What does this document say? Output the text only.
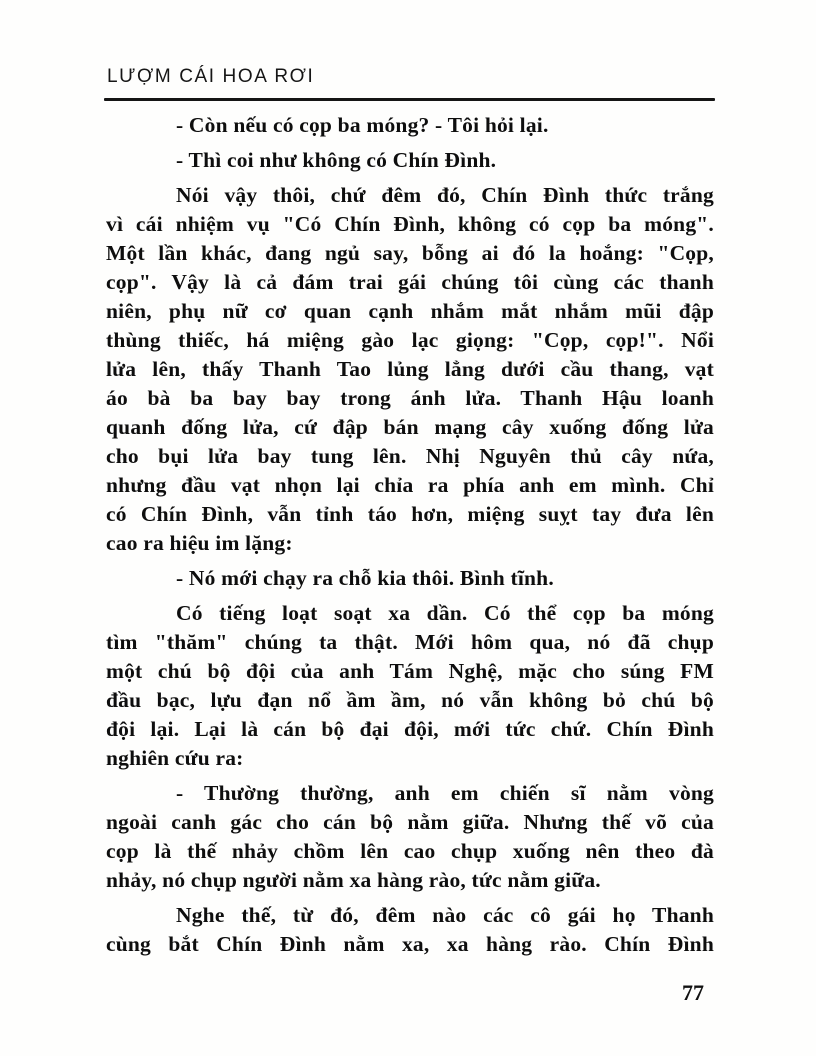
LƯỢM CÁI HOA RƠI
- Còn nếu có cọp ba móng? - Tôi hỏi lại.
- Thì coi như không có Chín Đình.
Nói vậy thôi, chứ đêm đó, Chín Đình thức trắng
vì cái nhiệm vụ "Có Chín Đình, không có cọp ba móng".
Một lần khác, đang ngủ say, bỗng ai đó la hoắng: "Cọp,
cọp". Vậy là cả đám trai gái chúng tôi cùng các thanh
niên, phụ nữ cơ quan cạnh nhắm mắt nhắm mũi đập
thùng thiếc, há miệng gào lạc giọng: "Cọp, cọp!". Nổi
lửa lên, thấy Thanh Tao lủng lẳng dưới cầu thang, vạt
áo bà ba bay bay trong ánh lửa. Thanh Hậu loanh
quanh đống lửa, cứ đập bán mạng cây xuống đống lửa
cho bụi lửa bay tung lên. Nhị Nguyên thủ cây nứa,
nhưng đầu vạt nhọn lại chỉa ra phía anh em mình. Chỉ
có Chín Đình, vẫn tỉnh táo hơn, miệng suỵt tay đưa lên
cao ra hiệu im lặng:
- Nó mới chạy ra chỗ kia thôi. Bình tĩnh.
Có tiếng loạt soạt xa dần. Có thể cọp ba móng
tìm "thăm" chúng ta thật. Mới hôm qua, nó đã chụp
một chú bộ đội của anh Tám Nghệ, mặc cho súng FM
đầu bạc, lựu đạn nổ ầm ầm, nó vẫn không bỏ chú bộ
đội lại. Lại là cán bộ đại đội, mới tức chứ. Chín Đình
nghiên cứu ra:
- Thường thường, anh em chiến sĩ nằm vòng
ngoài canh gác cho cán bộ nằm giữa. Nhưng thế võ của
cọp là thế nhảy chồm lên cao chụp xuống nên theo đà
nhảy, nó chụp người nằm xa hàng rào, tức nằm giữa.
Nghe thế, từ đó, đêm nào các cô gái họ Thanh
cùng bắt Chín Đình nằm xa, xa hàng rào. Chín Đình
77
